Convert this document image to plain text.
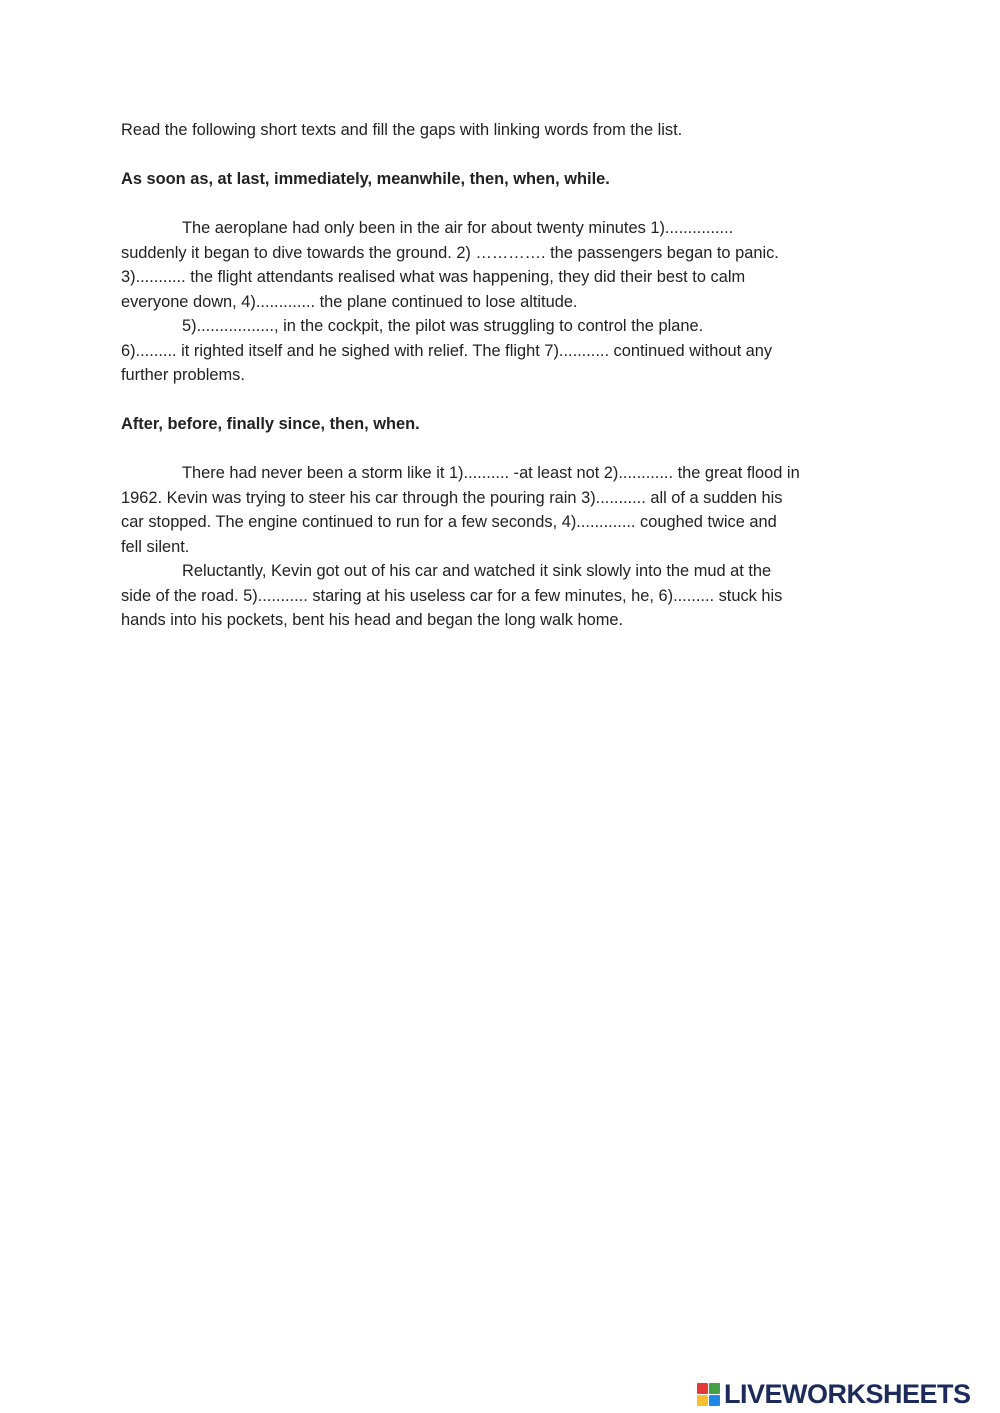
Read the following short texts and fill the gaps with linking words from the list.

As soon as, at last, immediately, meanwhile, then, when, while.

The aeroplane had only been in the air for about twenty minutes 1)...............
suddenly it began to dive towards the ground. 2) …………. the passengers began to panic.
3)........... the flight attendants realised what was happening, they did their best to calm
everyone down, 4)............. the plane continued to lose altitude.
5)................., in the cockpit, the pilot was struggling to control the plane.
6)......... it righted itself and he sighed with relief. The flight 7)........... continued without any
further problems.

After, before, finally since, then, when.

There had never been a storm like it 1).......... -at least not 2)............ the great flood in
1962. Kevin was trying to steer his car through the pouring rain 3)........... all of a sudden his
car stopped. The engine continued to run for a few seconds, 4)............. coughed twice and
fell silent.
Reluctantly, Kevin got out of his car and watched it sink slowly into the mud at the
side of the road. 5)........... staring at his useless car for a few minutes, he, 6)......... stuck his
hands into his pockets, bent his head and began the long walk home.

LIVEWORKSHEETS
